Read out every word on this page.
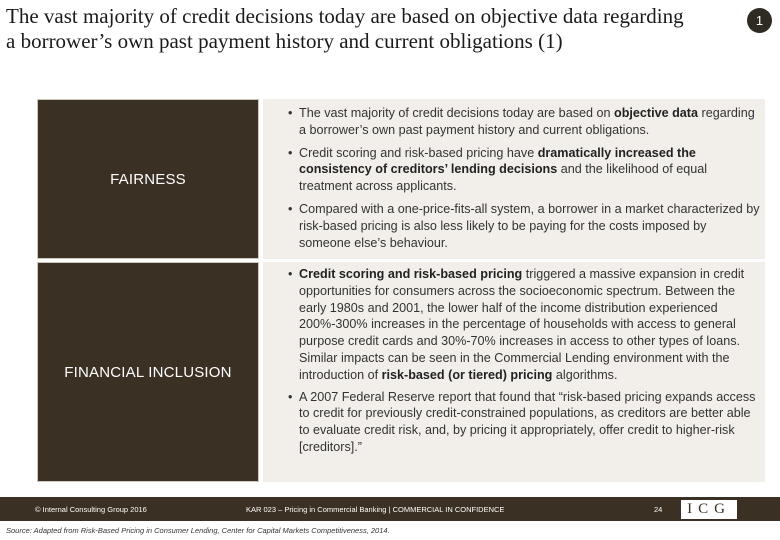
The vast majority of credit decisions today are based on objective data regarding a borrower’s own past payment history and current obligations (1)
1
FAIRNESS
• The vast majority of credit decisions today are based on objective data regarding a borrower’s own past payment history and current obligations.
• Credit scoring and risk-based pricing have dramatically increased the consistency of creditors’ lending decisions and the likelihood of equal treatment across applicants.
• Compared with a one-price-fits-all system, a borrower in a market characterized by risk-based pricing is also less likely to be paying for the costs imposed by someone else’s behaviour.
FINANCIAL INCLUSION
• Credit scoring and risk-based pricing triggered a massive expansion in credit opportunities for consumers across the socioeconomic spectrum. Between the early 1980s and 2001, the lower half of the income distribution experienced 200%-300% increases in the percentage of households with access to general purpose credit cards and 30%-70% increases in access to other types of loans. Similar impacts can be seen in the Commercial Lending environment with the introduction of risk-based (or tiered) pricing algorithms.
• A 2007 Federal Reserve report that found that “risk-based pricing expands access to credit for previously credit-constrained populations, as creditors are better able to evaluate credit risk, and, by pricing it appropriately, offer credit to higher-risk [creditors].”
© Internal Consulting Group 2016	KAR 023 – Pricing in Commercial Banking | COMMERCIAL IN CONFIDENCE	24	ICG
Source: Adapted from Risk-Based Pricing in Consumer Lending, Center for Capital Markets Competitiveness, 2014.
